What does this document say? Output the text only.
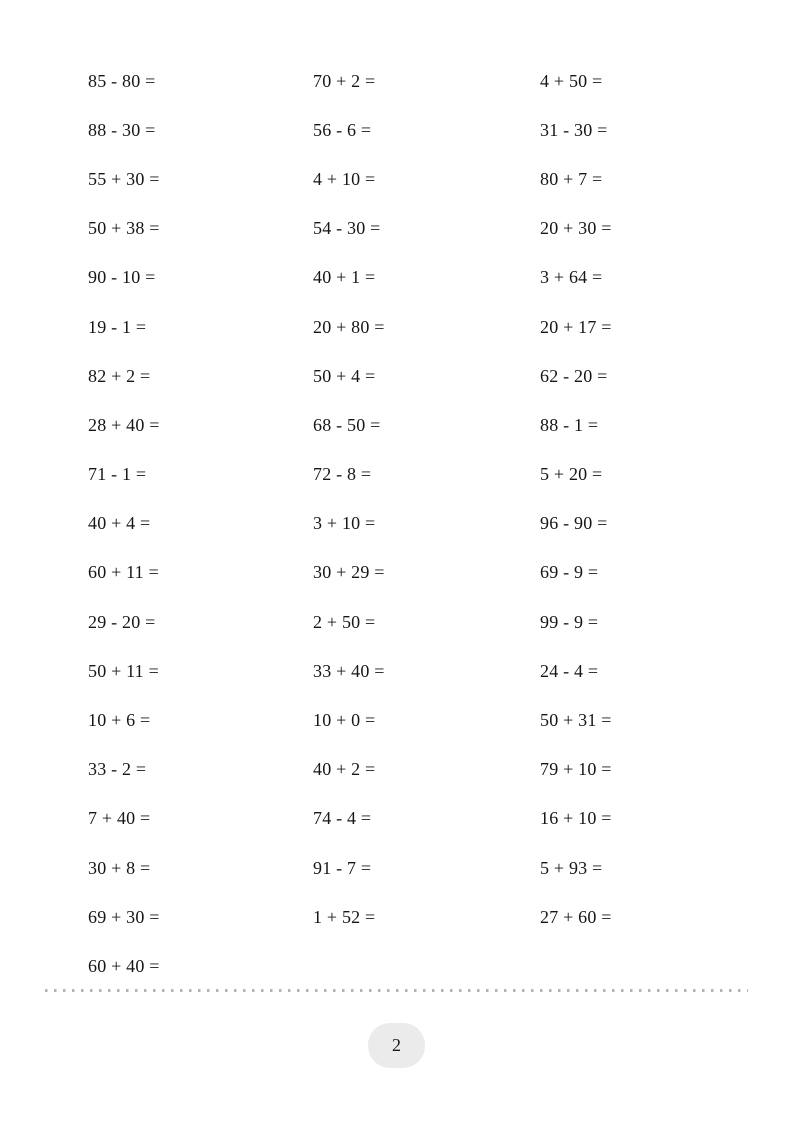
85 - 80 =	70 + 2 =	4 + 50 =
88 - 30 =	56 - 6 =	31 - 30 =
55 + 30 =	4 + 10 =	80 + 7 =
50 + 38 =	54 - 30 =	20 + 30 =
90 - 10 =	40 + 1 =	3 + 64 =
19 - 1 =	20 + 80 =	20 + 17 =
82 + 2 =	50 + 4 =	62 - 20 =
28 + 40 =	68 - 50 =	88 - 1 =
71 - 1 =	72 - 8 =	5 + 20 =
40 + 4 =	3 + 10 =	96 - 90 =
60 + 11 =	30 + 29 =	69 - 9 =
29 - 20 =	2 + 50 =	99 - 9 =
50 + 11 =	33 + 40 =	24 - 4 =
10 + 6 =	10 + 0 =	50 + 31 =
33 - 2 =	40 + 2 =	79 + 10 =
7 + 40 =	74 - 4 =	16 + 10 =
30 + 8 =	91 - 7 =	5 + 93 =
69 + 30 =	1 + 52 =	27 + 60 =
60 + 40 =
2
